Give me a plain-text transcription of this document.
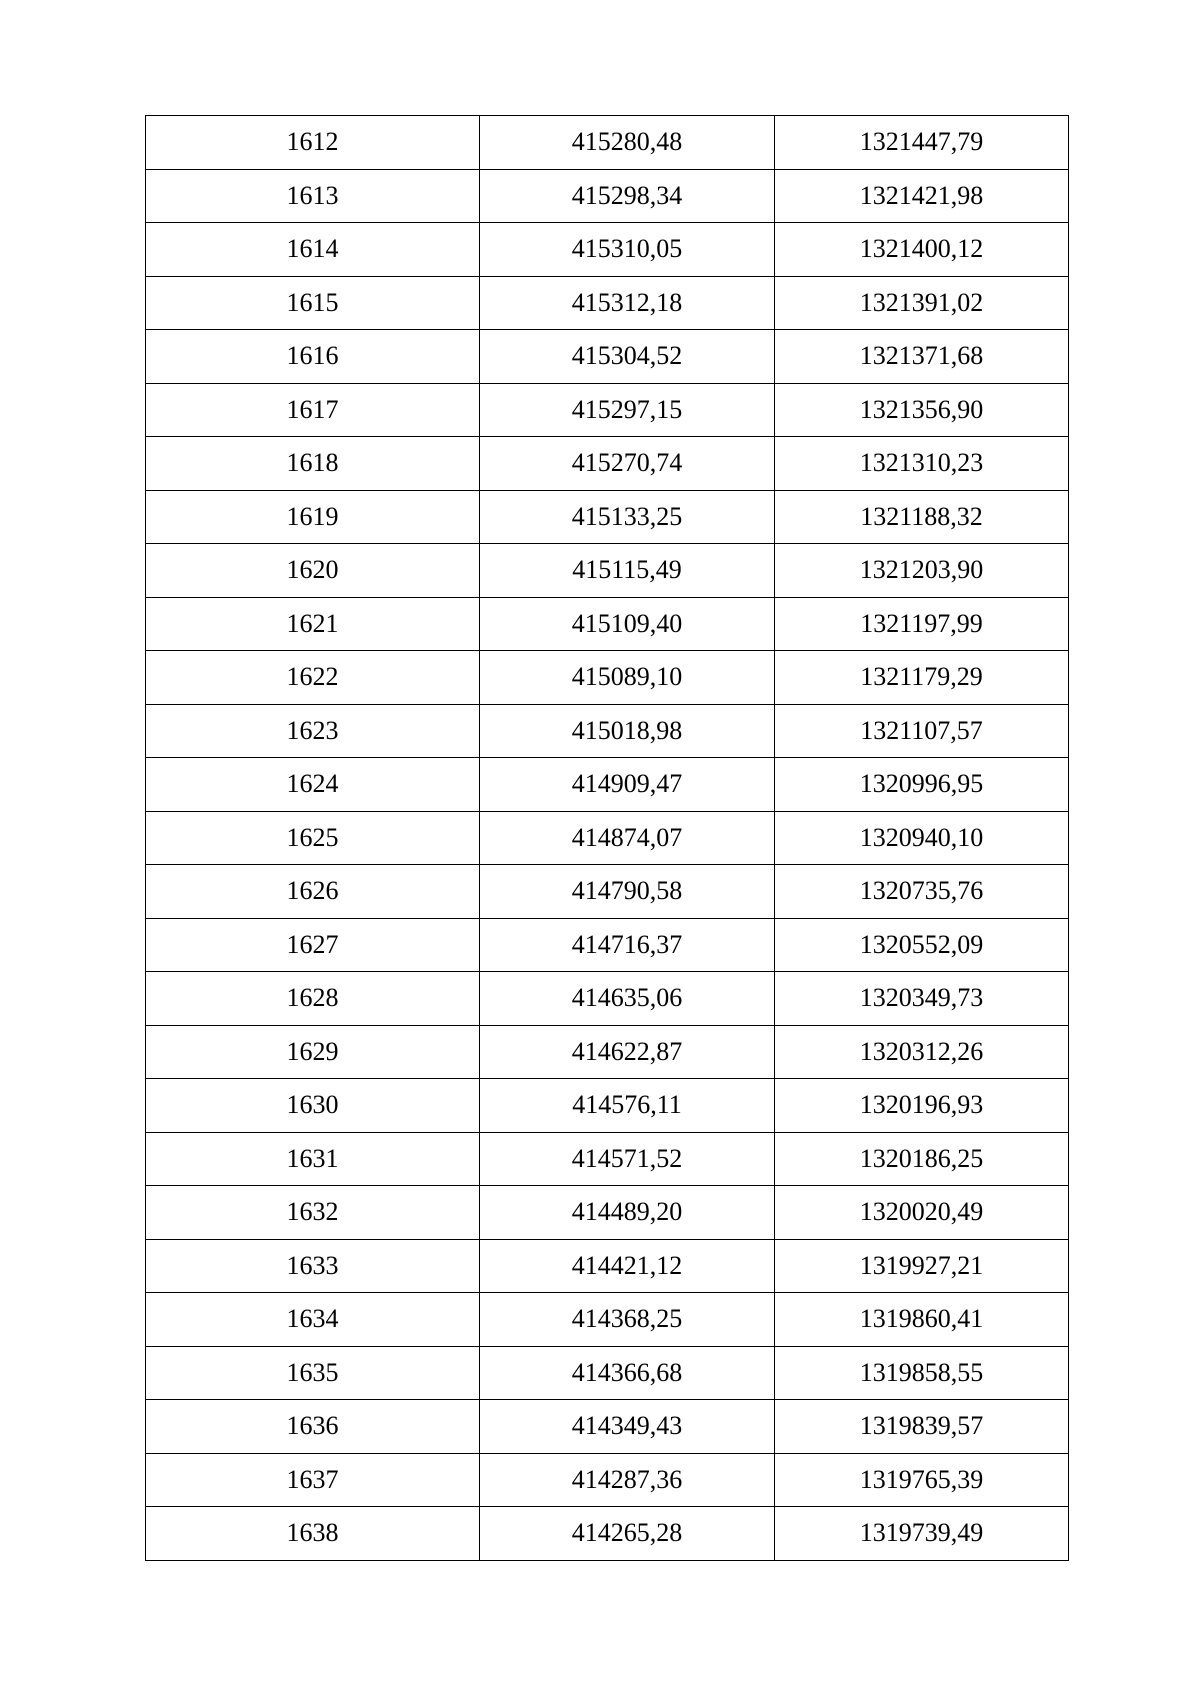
1612	415280,48	1321447,79
1613	415298,34	1321421,98
1614	415310,05	1321400,12
1615	415312,18	1321391,02
1616	415304,52	1321371,68
1617	415297,15	1321356,90
1618	415270,74	1321310,23
1619	415133,25	1321188,32
1620	415115,49	1321203,90
1621	415109,40	1321197,99
1622	415089,10	1321179,29
1623	415018,98	1321107,57
1624	414909,47	1320996,95
1625	414874,07	1320940,10
1626	414790,58	1320735,76
1627	414716,37	1320552,09
1628	414635,06	1320349,73
1629	414622,87	1320312,26
1630	414576,11	1320196,93
1631	414571,52	1320186,25
1632	414489,20	1320020,49
1633	414421,12	1319927,21
1634	414368,25	1319860,41
1635	414366,68	1319858,55
1636	414349,43	1319839,57
1637	414287,36	1319765,39
1638	414265,28	1319739,49
